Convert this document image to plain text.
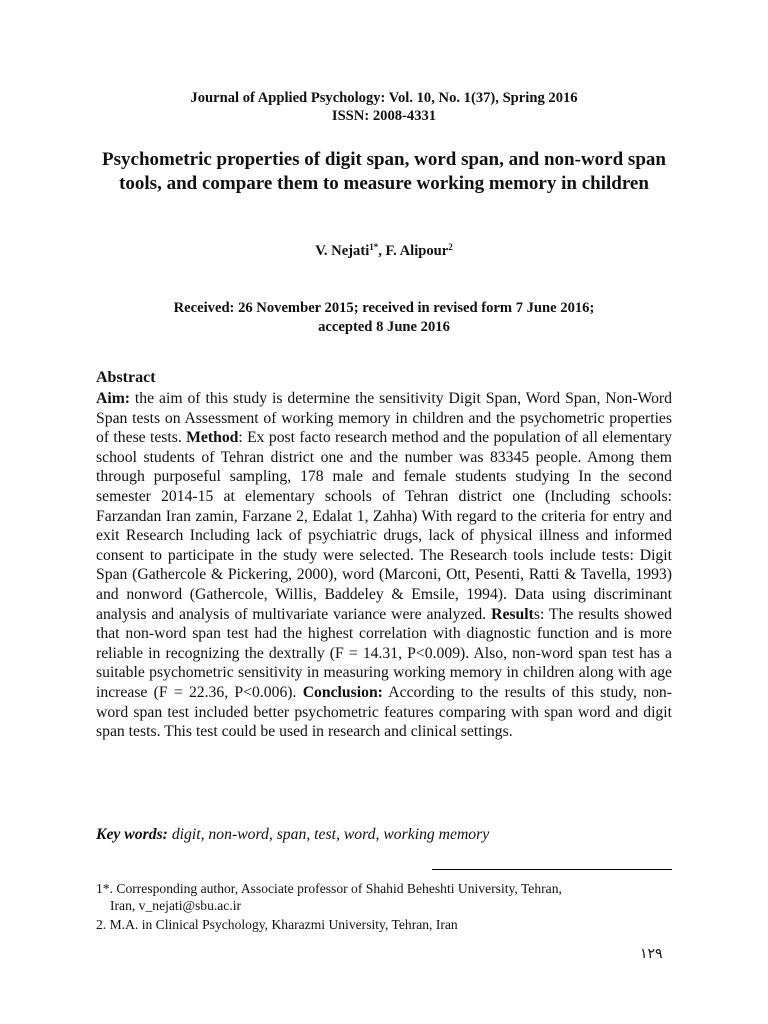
Journal of Applied Psychology: Vol. 10, No. 1(37), Spring 2016
ISSN: 2008-4331
Psychometric properties of digit span, word span, and non-word span tools, and compare them to measure working memory in children
V. Nejati$^{1*}$, F. Alipour$^2$
Received: 26 November 2015; received in revised form 7 June 2016;
accepted 8 June 2016
Abstract
Aim: the aim of this study is determine the sensitivity Digit Span, Word Span, Non-Word Span tests on Assessment of working memory in children and the psychometric properties of these tests. Method: Ex post facto research method and the population of all elementary school students of Tehran district one and the number was 83345 people. Among them through purposeful sampling, 178 male and female students studying In the second semester 2014-15 at elementary schools of Tehran district one (Including schools: Farzandan Iran zamin, Farzane 2, Edalat 1, Zahha) With regard to the criteria for entry and exit Research Including lack of psychiatric drugs, lack of physical illness and informed consent to participate in the study were selected. The Research tools include tests: Digit Span (Gathercole & Pickering, 2000), word (Marconi, Ott, Pesenti, Ratti & Tavella, 1993) and nonword (Gathercole, Willis, Baddeley & Emsile, 1994). Data using discriminant analysis and analysis of multivariate variance were analyzed. Results: The results showed that non-word span test had the highest correlation with diagnostic function and is more reliable in recognizing the dextrally (F = 14.31, P<0.009). Also, non-word span test has a suitable psychometric sensitivity in measuring working memory in children along with age increase (F = 22.36, P<0.006). Conclusion: According to the results of this study, non-word span test included better psychometric features comparing with span word and digit span tests. This test could be used in research and clinical settings.
Key words: digit, non-word, span, test, word, working memory
1*. Corresponding author, Associate professor of Shahid Beheshti University, Tehran,
Iran, v_nejati@sbu.ac.ir
2. M.A. in Clinical Psychology, Kharazmi University, Tehran, Iran
١٢٩
